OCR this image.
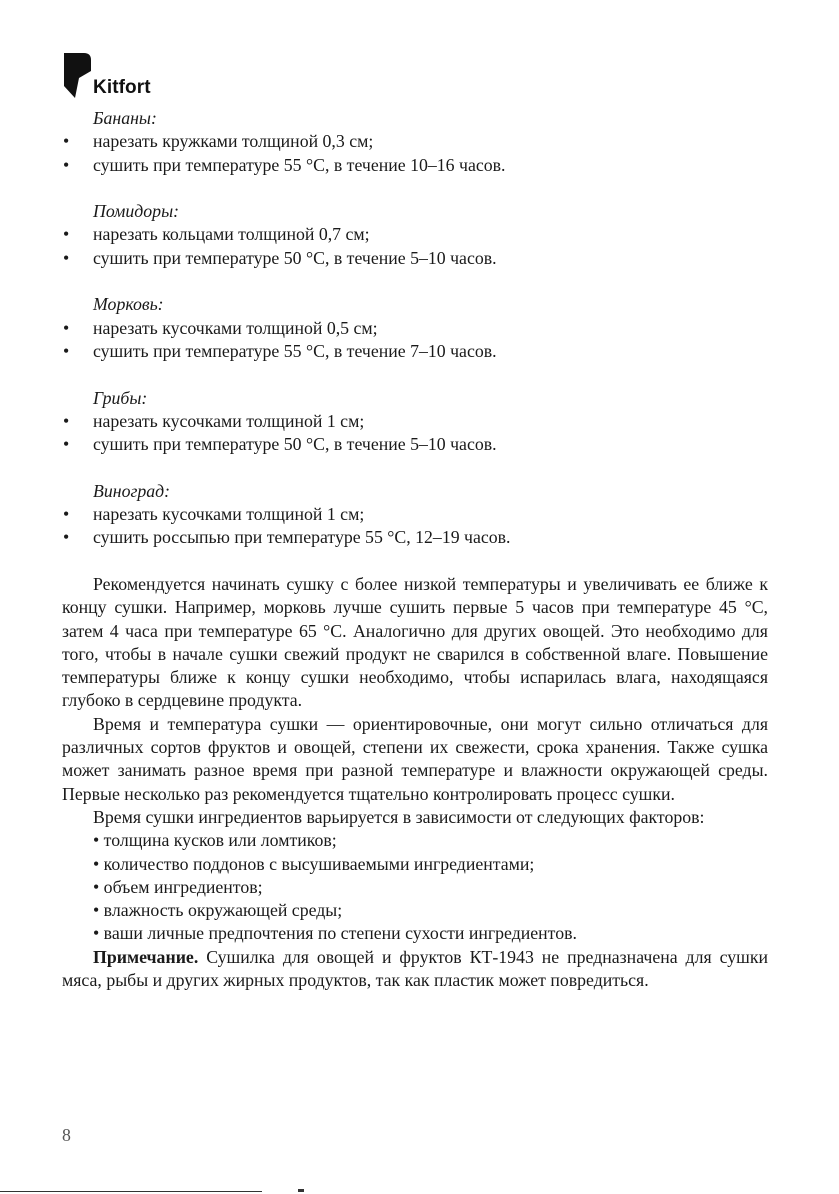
Kitfort
Бананы:
• нарезать кружками толщиной 0,3 см;
• сушить при температуре 55 °С, в течение 10–16 часов.
Помидоры:
• нарезать кольцами толщиной 0,7 см;
• сушить при температуре 50 °С, в течение 5–10 часов.
Морковь:
• нарезать кусочками толщиной 0,5 см;
• сушить при температуре 55 °С, в течение 7–10 часов.
Грибы:
• нарезать кусочками толщиной 1 см;
• сушить при температуре 50 °С, в течение 5–10 часов.
Виноград:
• нарезать кусочками толщиной 1 см;
• сушить россыпью при температуре 55 °С, 12–19 часов.

Рекомендуется начинать сушку с более низкой температуры и увеличивать ее ближе к концу сушки. Например, морковь лучше сушить первые 5 часов при температуре 45 °С, затем 4 часа при температуре 65 °С. Аналогично для других овощей. Это необходимо для того, чтобы в начале сушки свежий продукт не сварился в собственной влаге. Повышение температуры ближе к концу сушки необходимо, чтобы испарилась влага, находящаяся глубоко в сердцевине продукта.

Время и температура сушки — ориентировочные, они могут сильно отличаться для различных сортов фруктов и овощей, степени их свежести, срока хранения. Также сушка может занимать разное время при разной температуре и влажности окружающей среды. Первые несколько раз рекомендуется тщательно контролировать процесс сушки.

Время сушки ингредиентов варьируется в зависимости от следующих факторов:

• толщина кусков или ломтиков;
• количество поддонов с высушиваемыми ингредиентами;
• объем ингредиентов;
• влажность окружающей среды;
• ваши личные предпочтения по степени сухости ингредиентов.

Примечание. Сушилка для овощей и фруктов КТ-1943 не предназначена для сушки мяса, рыбы и других жирных продуктов, так как пластик может повредиться.

8
